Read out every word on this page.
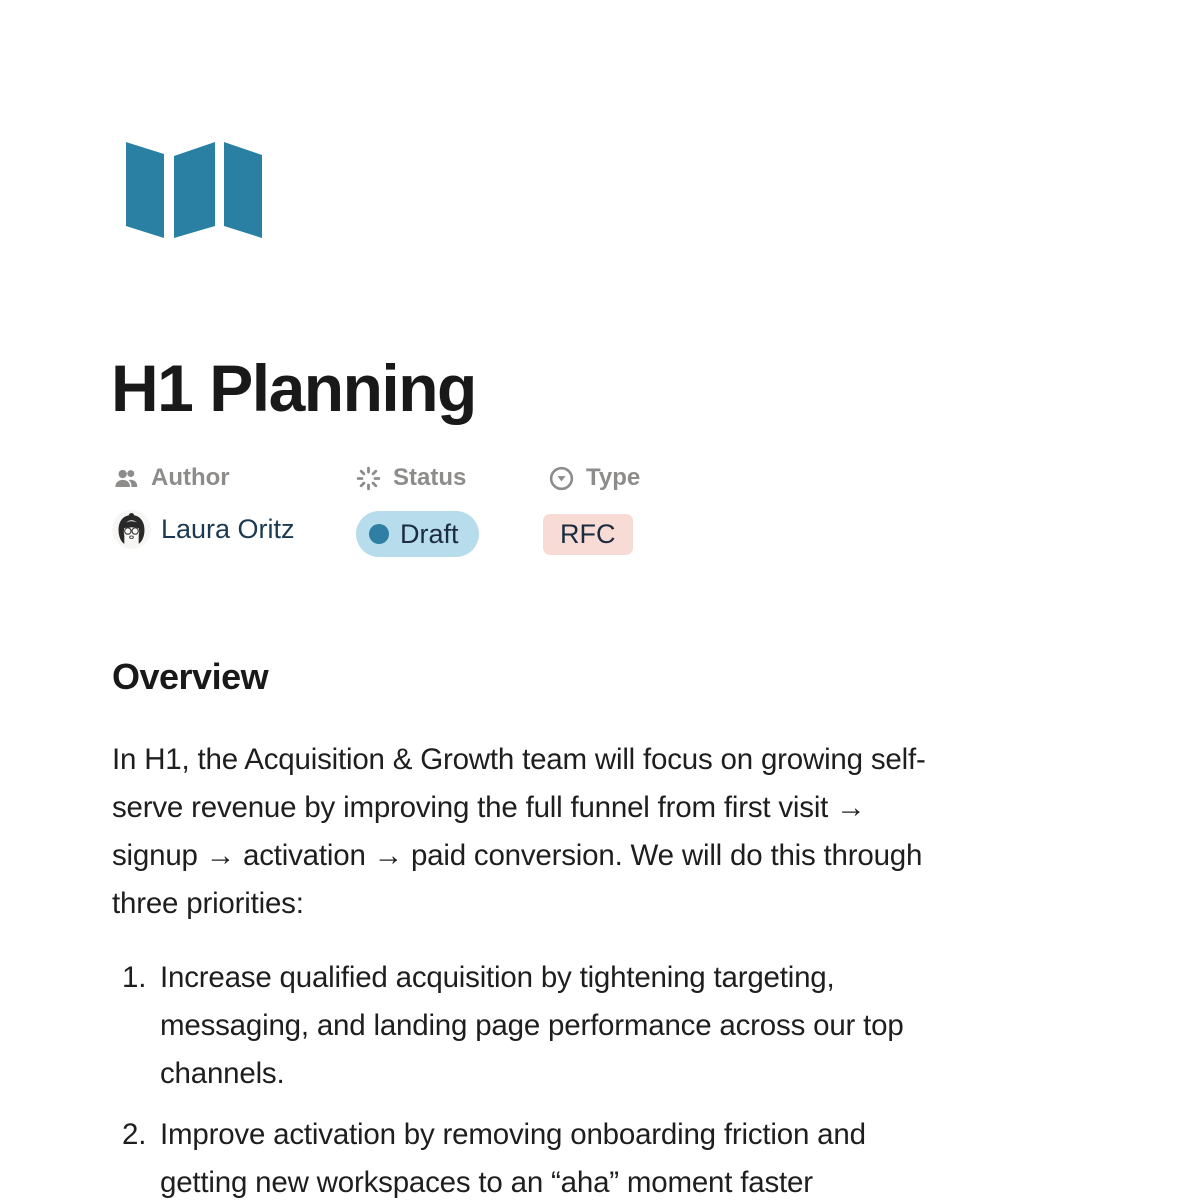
H1 Planning
Author	Status	Type
Laura Oritz	Draft	RFC
Overview
In H1, the Acquisition & Growth team will focus on growing self-
serve revenue by improving the full funnel from first visit →
signup → activation → paid conversion. We will do this through
three priorities:
1. Increase qualified acquisition by tightening targeting,
messaging, and landing page performance across our top
channels.
2. Improve activation by removing onboarding friction and
getting new workspaces to an “aha” moment faster
